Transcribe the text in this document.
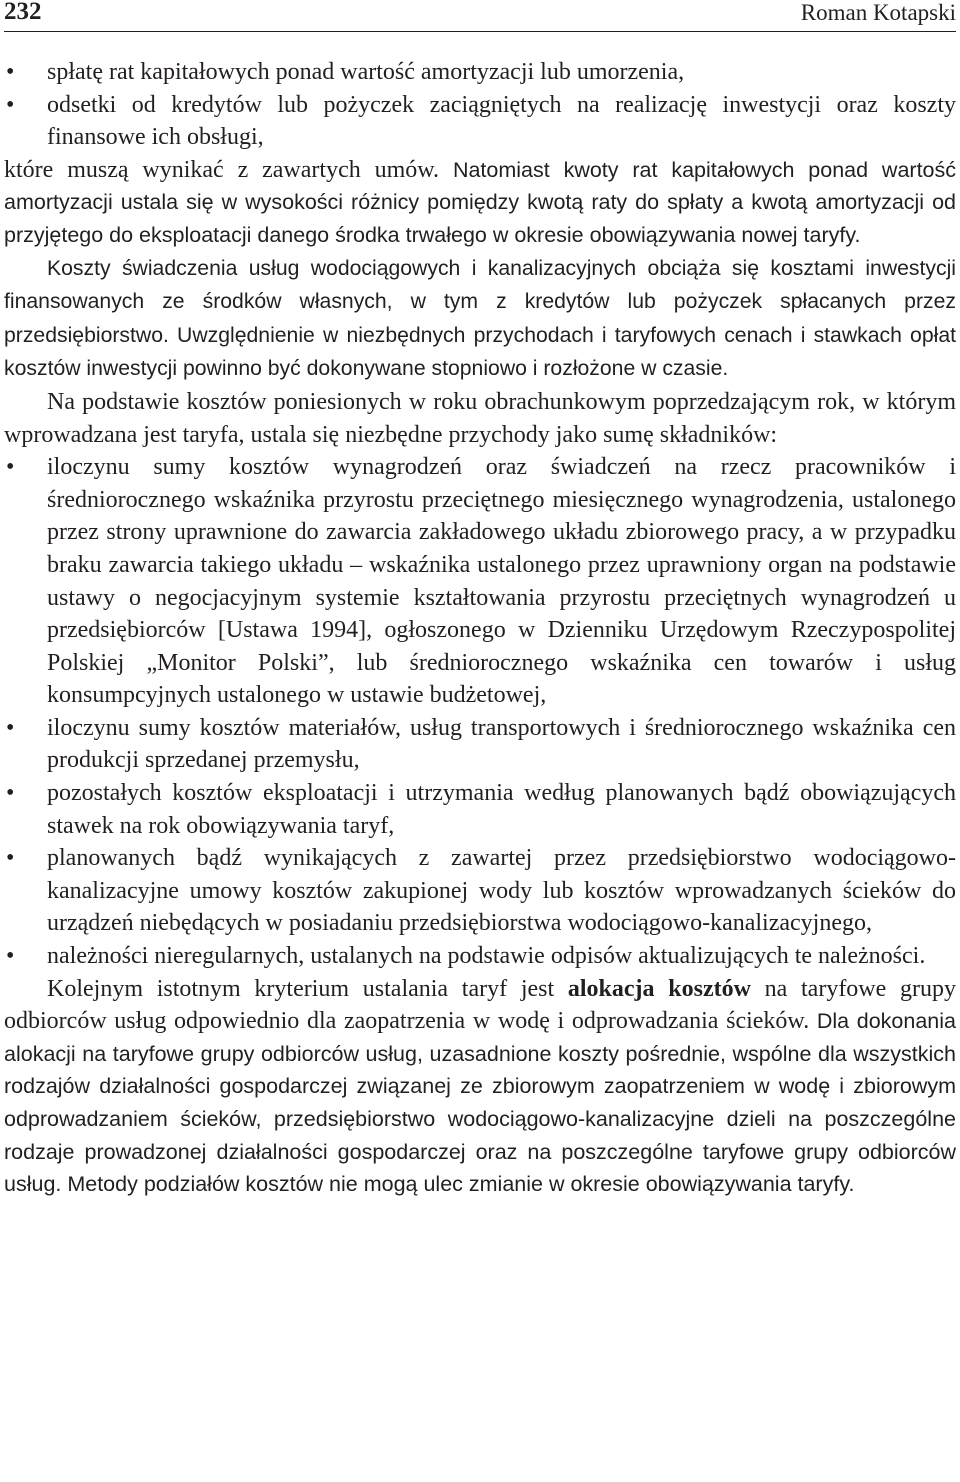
232	Roman Kotapski
• spłatę rat kapitałowych ponad wartość amortyzacji lub umorzenia,
• odsetki od kredytów lub pożyczek zaciągniętych na realizację inwestycji oraz koszty finansowe ich obsługi,

które muszą wynikać z zawartych umów. Natomiast kwoty rat kapitałowych ponad wartość amortyzacji ustala się w wysokości różnicy pomiędzy kwotą raty do spłaty a kwotą amortyzacji od przyjętego do eksploatacji danego środka trwałego w okresie obowiązywania nowej taryfy.

Koszty świadczenia usług wodociągowych i kanalizacyjnych obciąża się kosztami inwestycji finansowanych ze środków własnych, w tym z kredytów lub pożyczek spłacanych przez przedsiębiorstwo. Uwzględnienie w niezbędnych przychodach i taryfowych cenach i stawkach opłat kosztów inwestycji powinno być dokonywane stopniowo i rozłożone w czasie.

Na podstawie kosztów poniesionych w roku obrachunkowym poprzedzającym rok, w którym wprowadzana jest taryfa, ustala się niezbędne przychody jako sumę składników:

• iloczynu sumy kosztów wynagrodzeń oraz świadczeń na rzecz pracowników i średniorocznego wskaźnika przyrostu przeciętnego miesięcznego wynagrodzenia, ustalonego przez strony uprawnione do zawarcia zakładowego układu zbiorowego pracy, a w przypadku braku zawarcia takiego układu – wskaźnika ustalonego przez uprawniony organ na podstawie ustawy o negocjacyjnym systemie kształtowania przyrostu przeciętnych wynagrodzeń u przedsiębiorców [Ustawa 1994], ogłoszonego w Dzienniku Urzędowym Rzeczypospolitej Polskiej „Monitor Polski”, lub średniorocznego wskaźnika cen towarów i usług konsumpcyjnych ustalonego w ustawie budżetowej,
• iloczynu sumy kosztów materiałów, usług transportowych i średniorocznego wskaźnika cen produkcji sprzedanej przemysłu,
• pozostałych kosztów eksploatacji i utrzymania według planowanych bądź obowiązujących stawek na rok obowiązywania taryf,
• planowanych bądź wynikających z zawartej przez przedsiębiorstwo wodociągowo-kanalizacyjne umowy kosztów zakupionej wody lub kosztów wprowadzanych ścieków do urządzeń niebędących w posiadaniu przedsiębiorstwa wodociągowo-kanalizacyjnego,
• należności nieregularnych, ustalanych na podstawie odpisów aktualizujących te należności.

Kolejnym istotnym kryterium ustalania taryf jest alokacja kosztów na taryfowe grupy odbiorców usług odpowiednio dla zaopatrzenia w wodę i odprowadzania ścieków. Dla dokonania alokacji na taryfowe grupy odbiorców usług, uzasadnione koszty pośrednie, wspólne dla wszystkich rodzajów działalności gospodarczej związanej ze zbiorowym zaopatrzeniem w wodę i zbiorowym odprowadzaniem ścieków, przedsiębiorstwo wodociągowo-kanalizacyjne dzieli na poszczególne rodzaje prowadzonej działalności gospodarczej oraz na poszczególne taryfowe grupy odbiorców usług. Metody podziałów kosztów nie mogą ulec zmianie w okresie obowiązywania taryfy.
